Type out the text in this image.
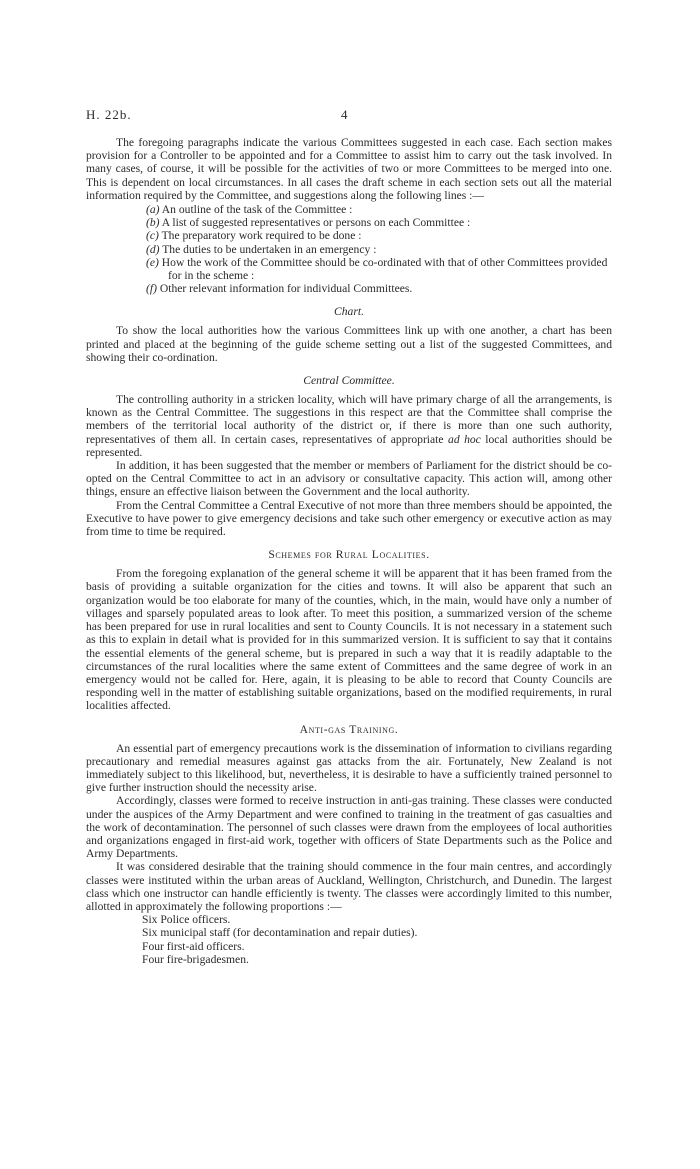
H. 22b.	4

The foregoing paragraphs indicate the various Committees suggested in each case. Each section makes provision for a Controller to be appointed and for a Committee to assist him to carry out the task involved. In many cases, of course, it will be possible for the activities of two or more Committees to be merged into one. This is dependent on local circumstances. In all cases the draft scheme in each section sets out all the material information required by the Committee, and suggestions along the following lines :—

(a) An outline of the task of the Committee :
(b) A list of suggested representatives or persons on each Committee :
(c) The preparatory work required to be done :
(d) The duties to be undertaken in an emergency :
(e) How the work of the Committee should be co-ordinated with that of other Committees provided for in the scheme :
(f) Other relevant information for individual Committees.
Chart.

To show the local authorities how the various Committees link up with one another, a chart has been printed and placed at the beginning of the guide scheme setting out a list of the suggested Committees, and showing their co-ordination.

Central Committee.

The controlling authority in a stricken locality, which will have primary charge of all the arrangements, is known as the Central Committee. The suggestions in this respect are that the Committee shall comprise the members of the territorial local authority of the district or, if there is more than one such authority, representatives of them all. In certain cases, representatives of appropriate ad hoc local authorities should be represented.

In addition, it has been suggested that the member or members of Parliament for the district should be co-opted on the Central Committee to act in an advisory or consultative capacity. This action will, among other things, ensure an effective liaison between the Government and the local authority.

From the Central Committee a Central Executive of not more than three members should be appointed, the Executive to have power to give emergency decisions and take such other emergency or executive action as may from time to time be required.

Schemes for Rural Localities.

From the foregoing explanation of the general scheme it will be apparent that it has been framed from the basis of providing a suitable organization for the cities and towns. It will also be apparent that such an organization would be too elaborate for many of the counties, which, in the main, would have only a number of villages and sparsely populated areas to look after. To meet this position, a summarized version of the scheme has been prepared for use in rural localities and sent to County Councils. It is not necessary in a statement such as this to explain in detail what is provided for in this summarized version. It is sufficient to say that it contains the essential elements of the general scheme, but is prepared in such a way that it is readily adaptable to the circumstances of the rural localities where the same extent of Committees and the same degree of work in an emergency would not be called for. Here, again, it is pleasing to be able to record that County Councils are responding well in the matter of establishing suitable organizations, based on the modified requirements, in rural localities affected.

Anti-gas Training.

An essential part of emergency precautions work is the dissemination of information to civilians regarding precautionary and remedial measures against gas attacks from the air. Fortunately, New Zealand is not immediately subject to this likelihood, but, nevertheless, it is desirable to have a sufficiently trained personnel to give further instruction should the necessity arise.

Accordingly, classes were formed to receive instruction in anti-gas training. These classes were conducted under the auspices of the Army Department and were confined to training in the treatment of gas casualties and the work of decontamination. The personnel of such classes were drawn from the employees of local authorities and organizations engaged in first-aid work, together with officers of State Departments such as the Police and Army Departments.

It was considered desirable that the training should commence in the four main centres, and accordingly classes were instituted within the urban areas of Auckland, Wellington, Christchurch, and Dunedin. The largest class which one instructor can handle efficiently is twenty. The classes were accordingly limited to this number, allotted in approximately the following proportions :—

Six Police officers.
Six municipal staff (for decontamination and repair duties).
Four first-aid officers.
Four fire-brigadesmen.
